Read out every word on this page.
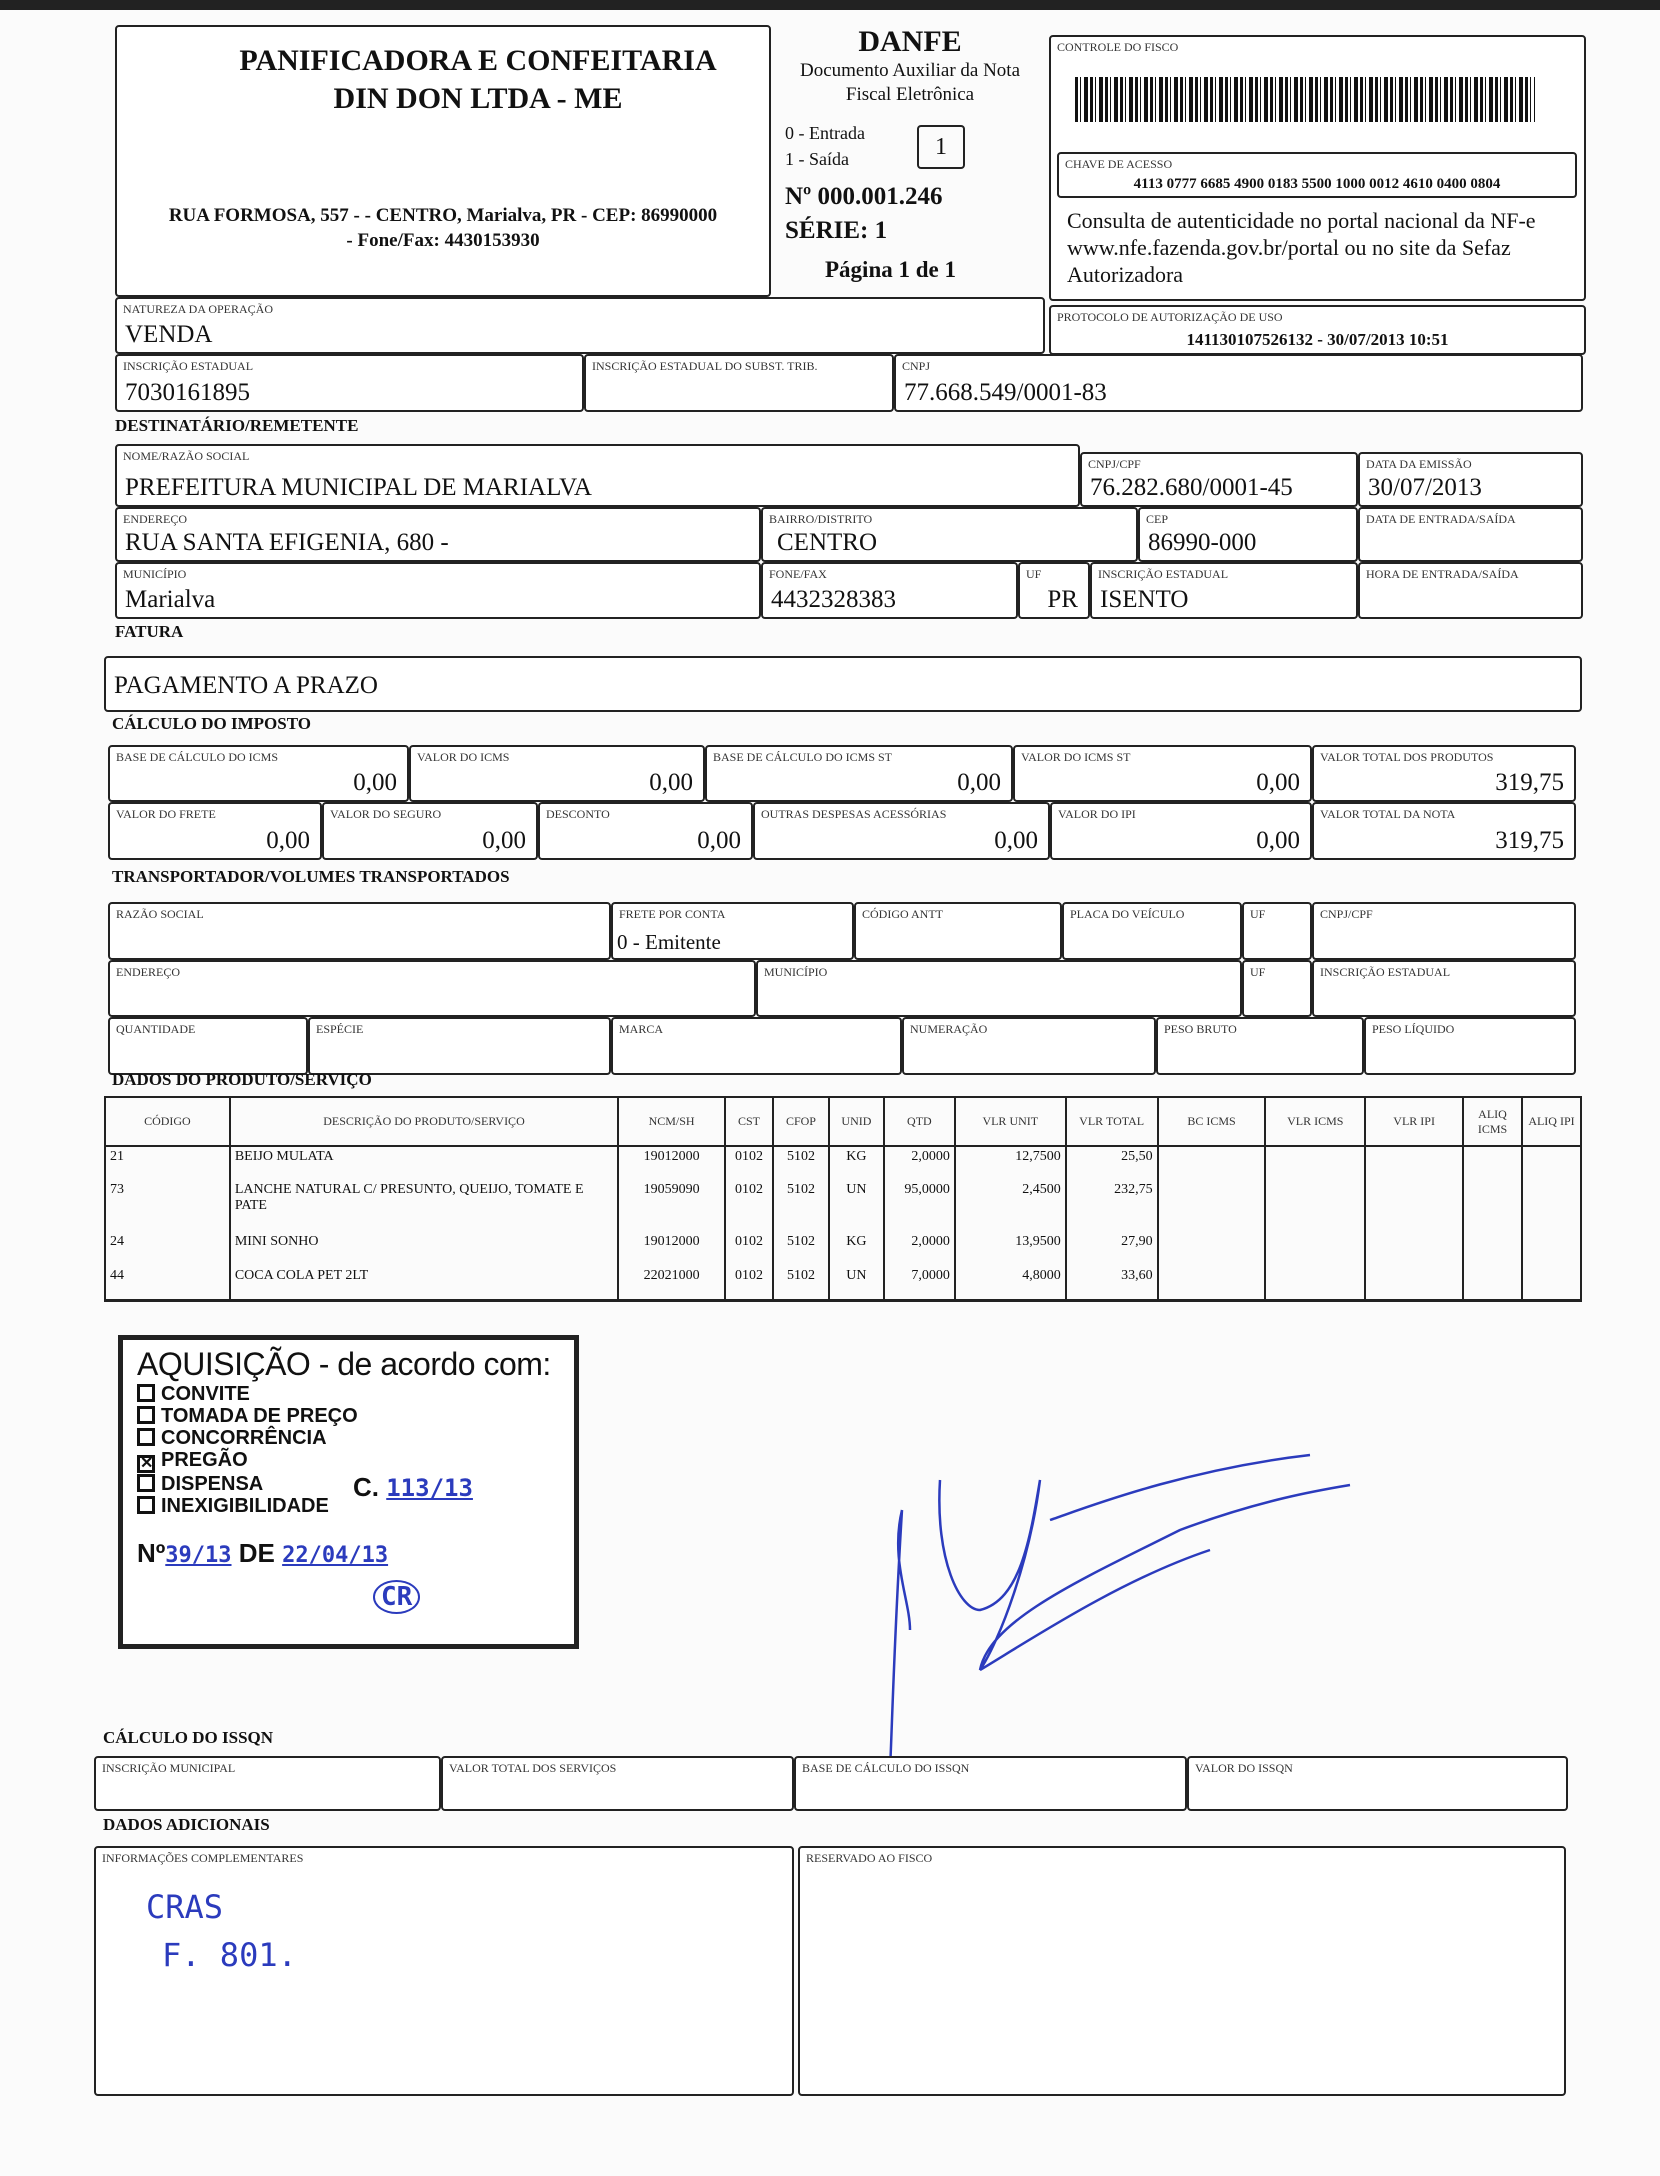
PANIFICADORA E CONFEITARIA DIN DON LTDA - ME
RUA FORMOSA, 557 - - CENTRO, Marialva, PR - CEP: 86990000
- Fone/Fax: 4430153930
DANFE
Documento Auxiliar da Nota Fiscal Eletrônica
0 - Entrada
1 - Saída	1
Nº 000.001.246
SÉRIE: 1
Página 1 de 1
CONTROLE DO FISCO
CHAVE DE ACESSO
4113 0777 6685 4900 0183 5500 1000 0012 4610 0400 0804
Consulta de autenticidade no portal nacional da NF-e www.nfe.fazenda.gov.br/portal ou no site da Sefaz Autorizadora
PROTOCOLO DE AUTORIZAÇÃO DE USO
141130107526132 - 30/07/2013 10:51
NATUREZA DA OPERAÇÃO
VENDA
INSCRIÇÃO ESTADUAL
7030161895
INSCRIÇÃO ESTADUAL DO SUBST. TRIB.	CNPJ
77.668.549/0001-83
DESTINATÁRIO/REMETENTE
NOME/RAZÃO SOCIAL
PREFEITURA MUNICIPAL DE MARIALVA
CNPJ/CPF
76.282.680/0001-45
DATA DA EMISSÃO
30/07/2013
ENDEREÇO
RUA SANTA EFIGENIA, 680 -
BAIRRO/DISTRITO
CENTRO
CEP
86990-000
DATA DE ENTRADA/SAÍDA
MUNICÍPIO
Marialva
FONE/FAX
4432328383
UF
PR
INSCRIÇÃO ESTADUAL
ISENTO
HORA DE ENTRADA/SAÍDA
FATURA
PAGAMENTO A PRAZO
CÁLCULO DO IMPOSTO
BASE DE CÁLCULO DO ICMS
0,00
VALOR DO ICMS
0,00
BASE DE CÁLCULO DO ICMS ST
0,00
VALOR DO ICMS ST
0,00
VALOR TOTAL DOS PRODUTOS
319,75
VALOR DO FRETE
0,00
VALOR DO SEGURO
0,00
DESCONTO
0,00
OUTRAS DESPESAS ACESSÓRIAS
0,00
VALOR DO IPI
0,00
VALOR TOTAL DA NOTA
319,75
TRANSPORTADOR/VOLUMES TRANSPORTADOS
RAZÃO SOCIAL	FRETE POR CONTA
0 - Emitente
CÓDIGO ANTT	PLACA DO VEÍCULO	UF	CNPJ/CPF
ENDEREÇO	MUNICÍPIO	UF	INSCRIÇÃO ESTADUAL
QUANTIDADE	ESPÉCIE	MARCA	NUMERAÇÃO	PESO BRUTO	PESO LÍQUIDO
DADOS DO PRODUTO/SERVIÇO
CÓDIGO	DESCRIÇÃO DO PRODUTO/SERVIÇO	NCM/SH	CST	CFOP	UNID	QTD	VLR UNIT	VLR TOTAL	BC ICMS	VLR ICMS	VLR IPI	ALIQ ICMS	ALIQ IPI
21	BEIJO MULATA	19012000	0102	5102	KG	2,0000	12,7500	25,50					
73	LANCHE NATURAL C/ PRESUNTO, QUEIJO, TOMATE E PATE	19059090	0102	5102	UN	95,0000	2,4500	232,75					
24	MINI SONHO	19012000	0102	5102	KG	2,0000	13,9500	27,90					
44	COCA COLA PET 2LT	22021000	0102	5102	UN	7,0000	4,8000	33,60					
AQUISIÇÃO - de acordo com:
CONVITE
TOMADA DE PREÇO
CONCORRÊNCIA
✕ PREGÃO
DISPENSA
INEXIGIBILIDADE
C. 113/13
Nº39/13 DE 22/04/13
CR
CÁLCULO DO ISSQN
INSCRIÇÃO MUNICIPAL	VALOR TOTAL DOS SERVIÇOS	BASE DE CÁLCULO DO ISSQN	VALOR DO ISSQN
DADOS ADICIONAIS
INFORMAÇÕES COMPLEMENTARES
CRAS
F. 801.
RESERVADO AO FISCO
